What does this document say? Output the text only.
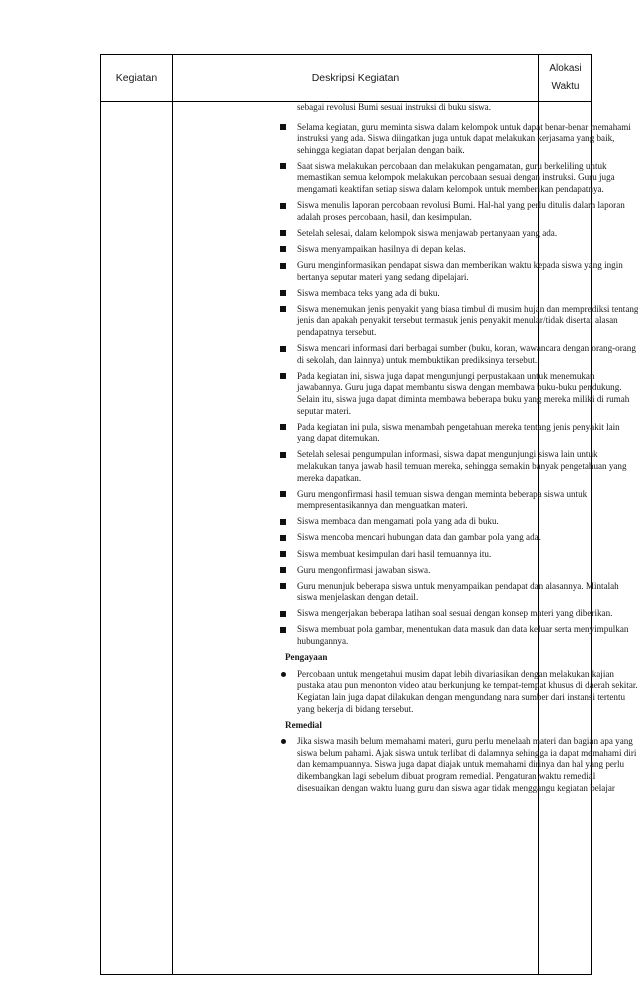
Kegiatan	Deskripsi Kegiatan
Alokasi
Waktu

sebagai revolusi Bumi sesuai instruksi di buku siswa.

Selama kegiatan, guru meminta siswa dalam kelompok untuk dapat benar-benar memahami instruksi yang ada. Siswa diingatkan juga untuk dapat melakukan kerjasama yang baik, sehingga kegiatan dapat berjalan dengan baik.
Saat siswa melakukan percobaan dan melakukan pengamatan, guru berkeliling untuk memastikan semua kelompok melakukan percobaan sesuai dengan instruksi. Guru juga mengamati keaktifan setiap siswa dalam kelompok untuk memberikan pendapatnya.
Siswa menulis laporan percobaan revolusi Bumi. Hal-hal yang perlu ditulis dalam laporan adalah proses percobaan, hasil, dan kesimpulan.
Setelah selesai, dalam kelompok siswa menjawab pertanyaan yang ada.
Siswa menyampaikan hasilnya di depan kelas.
Guru menginformasikan pendapat siswa dan memberikan waktu kepada siswa yang ingin bertanya seputar materi yang sedang dipelajari.
Siswa membaca teks yang ada di buku.
Siswa menemukan jenis penyakit yang biasa timbul di musim hujan dan memprediksi tentang jenis dan apakah penyakit tersebut termasuk jenis penyakit menular/tidak disertai alasan pendapatnya tersebut.
Siswa mencari informasi dari berbagai sumber (buku, koran, wawancara dengan orang-orang di sekolah, dan lainnya) untuk membuktikan prediksinya tersebut.
Pada kegiatan ini, siswa juga dapat mengunjungi perpustakaan untuk menemukan jawabannya. Guru juga dapat membantu siswa dengan membawa buku-buku pendukung. Selain itu, siswa juga dapat diminta membawa beberapa buku yang mereka miliki di rumah seputar materi.
Pada kegiatan ini pula, siswa menambah pengetahuan mereka tentang jenis penyakit lain yang dapat ditemukan.
Setelah selesai pengumpulan informasi, siswa dapat mengunjungi siswa lain untuk melakukan tanya jawab hasil temuan mereka, sehingga semakin banyak pengetahuan yang mereka dapatkan.
Guru mengonfirmasi hasil temuan siswa dengan meminta beberapa siswa untuk mempresentasikannya dan menguatkan materi.
Siswa membaca dan mengamati pola yang ada di buku.
Siswa mencoba mencari hubungan data dan gambar pola yang ada.
Siswa membuat kesimpulan dari hasil temuannya itu.
Guru mengonfirmasi jawaban siswa.
Guru menunjuk beberapa siswa untuk menyampaikan pendapat dan alasannya. Mintalah siswa menjelaskan dengan detail.
Siswa mengerjakan beberapa latihan soal sesuai dengan konsep materi yang diberikan.
Siswa membuat pola gambar, menentukan data masuk dan data keluar serta menyimpulkan hubungannya.
Pengayaan
Percobaan untuk mengetahui musim dapat lebih divariasikan dengan melakukan kajian pustaka atau pun menonton video atau berkunjung ke tempat-tempat khusus di daerah sekitar. Kegiatan lain juga dapat dilakukan dengan mengundang nara sumber dari instansi tertentu yang bekerja di bidang tersebut.
Remedial
Jika siswa masih belum memahami materi, guru perlu menelaah materi dan bagian apa yang siswa belum pahami. Ajak siswa untuk terlibat di dalamnya sehingga ia dapat memahami diri dan kemampuannya. Siswa juga dapat diajak untuk memahami dirinya dan hal yang perlu dikembangkan lagi sebelum dibuat program remedial. Pengaturan waktu remedial disesuaikan dengan waktu luang guru dan siswa agar tidak menggangu kegiatan belajar
